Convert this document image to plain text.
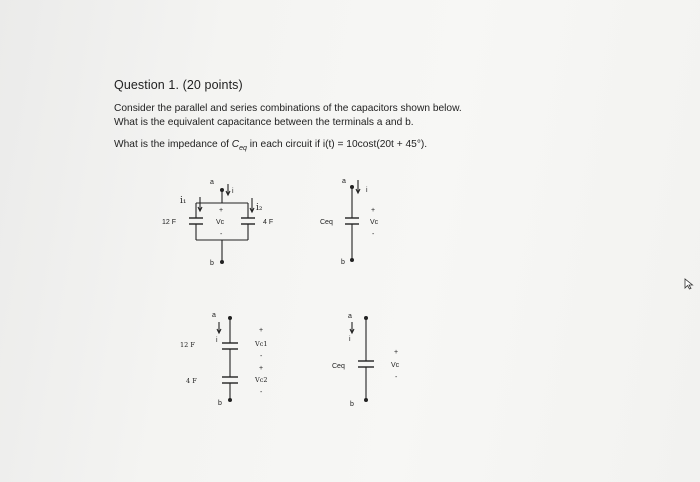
Question 1. (20 points)
Consider the parallel and series combinations of the capacitors shown below.
What is the equivalent capacitance between the terminals a and b.
What is the impedance of $C_{eq}$ in each circuit if i(t) = 10cost(20t + 45°).
a
i
i₁
i₂
12 F	4 F
+
Vc
-
b
a
i
b
Ceq
+
Vc
-
a
i
b
12 F
4 F
+
Vc1
-
+
Vc2
-
a
i
b
Ceq
+
Vc
-
